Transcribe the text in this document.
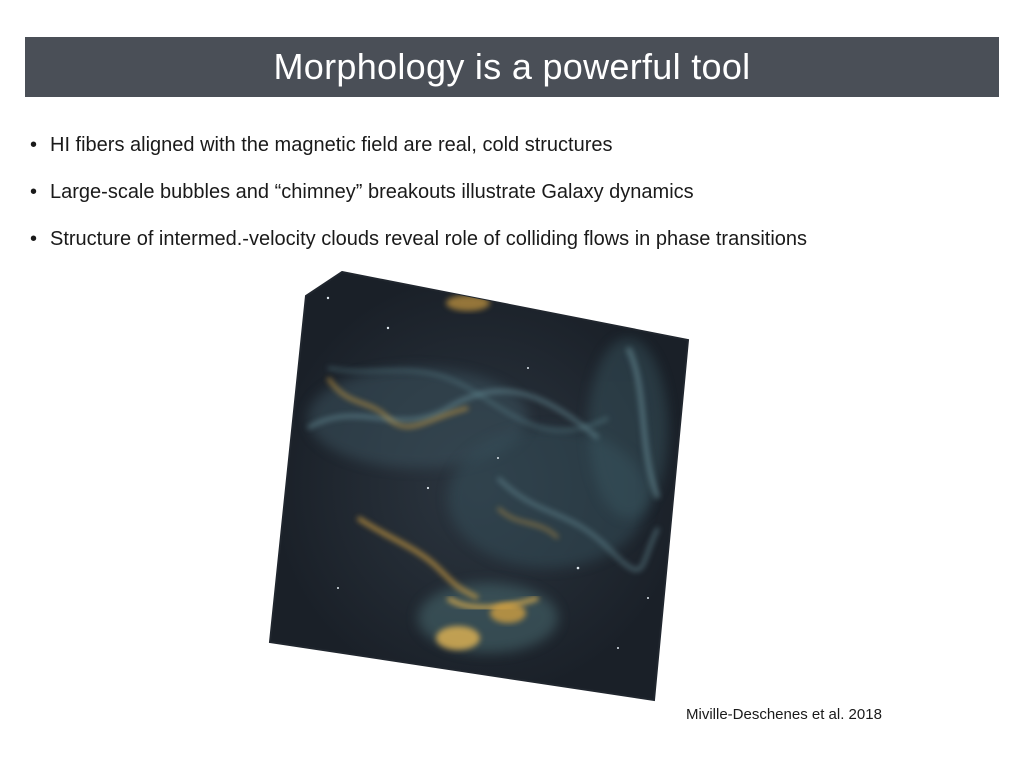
Morphology is a powerful tool
• HI fibers aligned with the magnetic field are real, cold structures
• Large-scale bubbles and “chimney” breakouts illustrate Galaxy dynamics
• Structure of intermed.-velocity clouds reveal role of colliding flows in phase transitions
Miville-Deschenes et al. 2018
